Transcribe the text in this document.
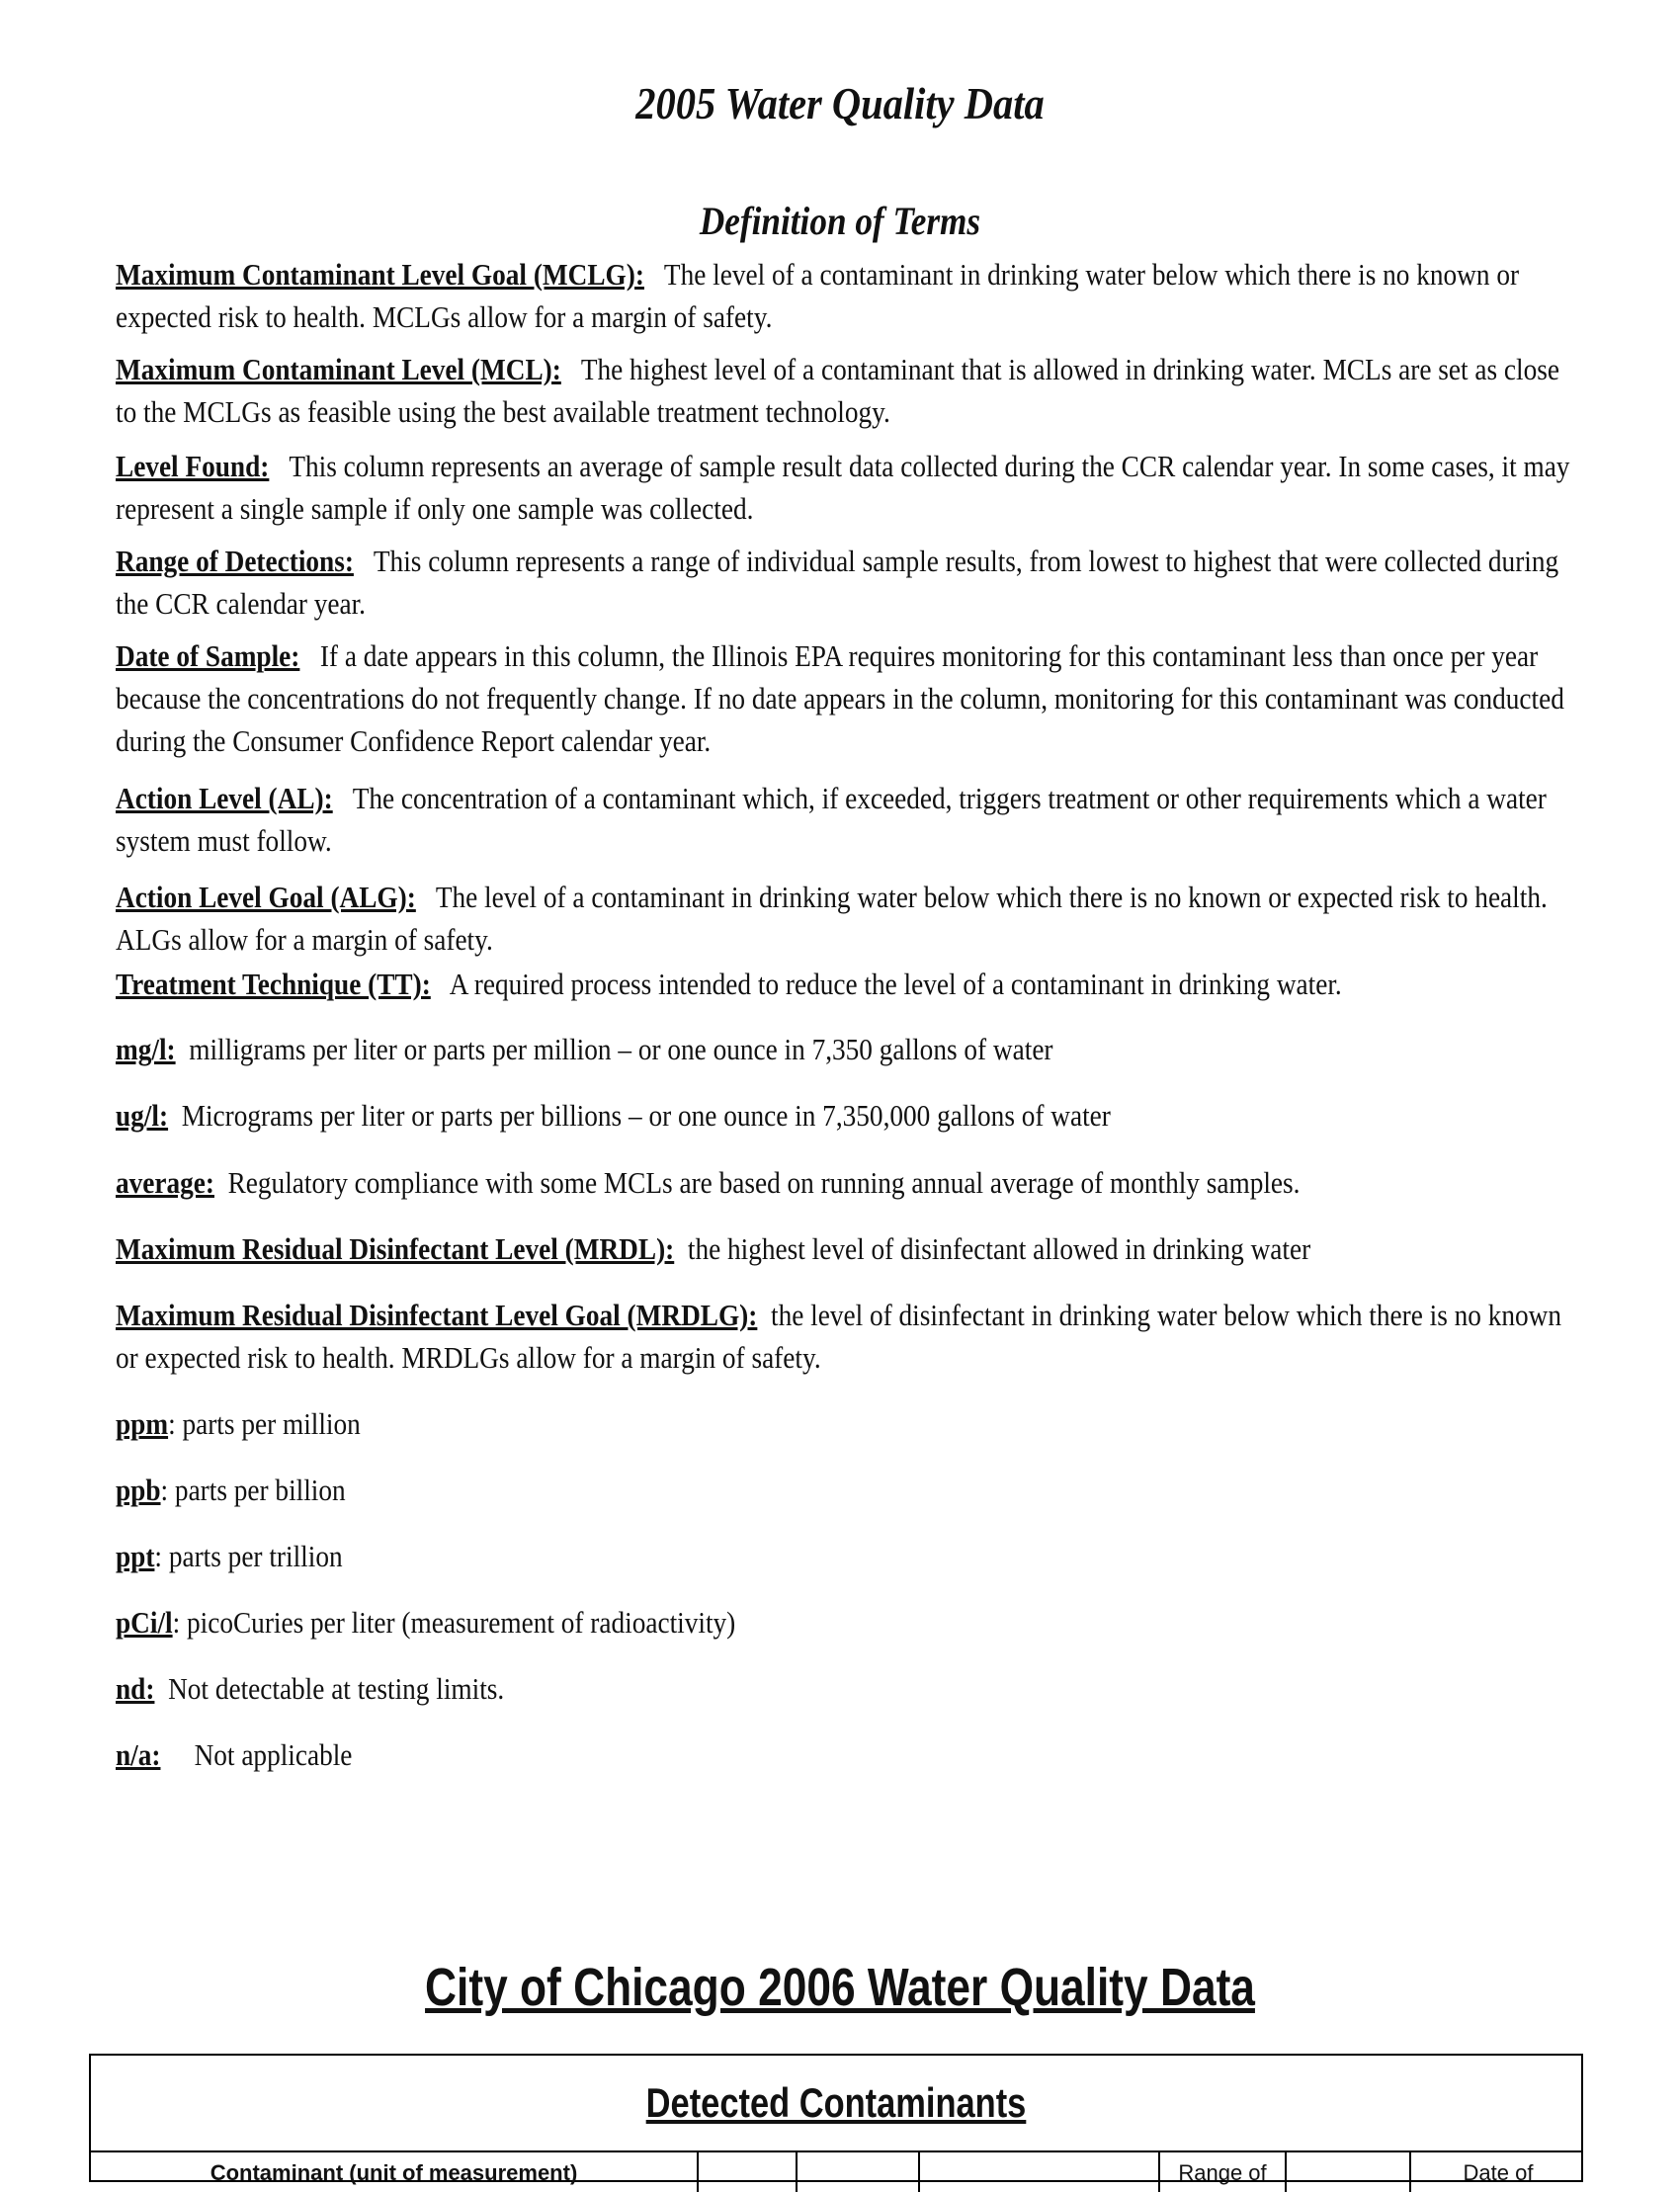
2005 Water Quality Data
Definition of Terms
Maximum Contaminant Level Goal (MCLG): The level of a contaminant in drinking water below which there is no known or expected risk to health. MCLGs allow for a margin of safety.
Maximum Contaminant Level (MCL): The highest level of a contaminant that is allowed in drinking water. MCLs are set as close to the MCLGs as feasible using the best available treatment technology.
Level Found: This column represents an average of sample result data collected during the CCR calendar year. In some cases, it may represent a single sample if only one sample was collected.
Range of Detections: This column represents a range of individual sample results, from lowest to highest that were collected during the CCR calendar year.
Date of Sample: If a date appears in this column, the Illinois EPA requires monitoring for this contaminant less than once per year because the concentrations do not frequently change. If no date appears in the column, monitoring for this contaminant was conducted during the Consumer Confidence Report calendar year.
Action Level (AL): The concentration of a contaminant which, if exceeded, triggers treatment or other requirements which a water system must follow.
Action Level Goal (ALG): The level of a contaminant in drinking water below which there is no known or expected risk to health. ALGs allow for a margin of safety.
Treatment Technique (TT): A required process intended to reduce the level of a contaminant in drinking water.
mg/l: milligrams per liter or parts per million – or one ounce in 7,350 gallons of water
ug/l: Micrograms per liter or parts per billions – or one ounce in 7,350,000 gallons of water
average: Regulatory compliance with some MCLs are based on running annual average of monthly samples.
Maximum Residual Disinfectant Level (MRDL): the highest level of disinfectant allowed in drinking water
Maximum Residual Disinfectant Level Goal (MRDLG): the level of disinfectant in drinking water below which there is no known or expected risk to health. MRDLGs allow for a margin of safety.
ppm: parts per million
ppb: parts per billion
ppt: parts per trillion
pCi/l: picoCuries per liter (measurement of radioactivity)
nd: Not detectable at testing limits.
n/a: Not applicable
City of Chicago 2006 Water Quality Data
Detected Contaminants
Contaminant (unit of measurement)	Range of	Date of
